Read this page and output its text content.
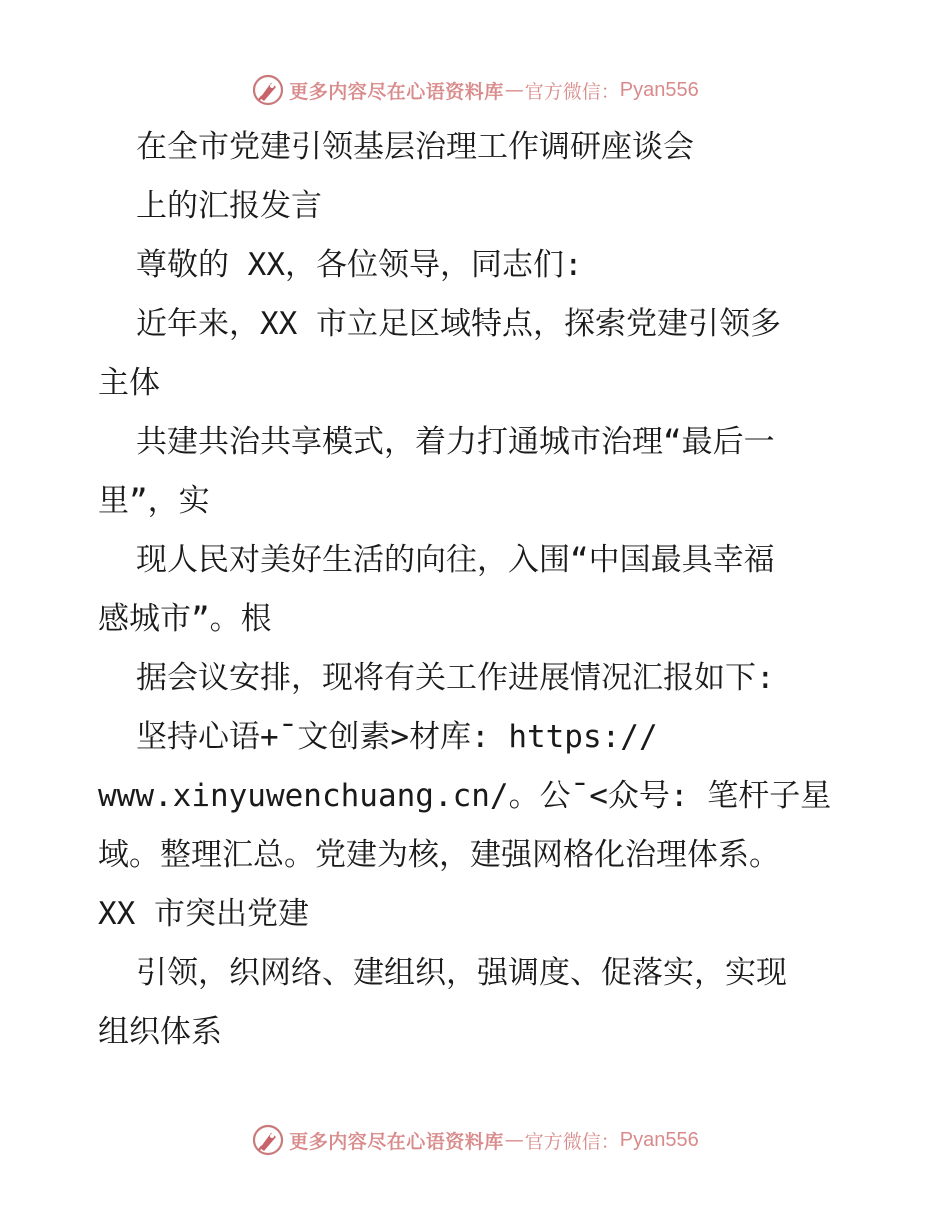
更多内容尽在心语资料库 — 官方微信： Pyan556
在全市党建引领基层治理工作调研座谈会
上的汇报发言
尊敬的 XX，各位领导，同志们:
近年来，XX 市立足区域特点，探索党建引领多
主体
共建共治共享模式，着力打通城市治理“最后一
里”，实
现人民对美好生活的向往，入围“中国最具幸福
感城市”。根
据会议安排，现将有关工作进展情况汇报如下:
坚持心语+¯文创素>材库: https://
www.xinyuwenchuang.cn/。公¯<众号: 笔杆子星
域。整理汇总。党建为核，建强网格化治理体系。
XX 市突出党建
引领，织网络、建组织，强调度、促落实，实现
组织体系
更多内容尽在心语资料库 — 官方微信： Pyan556
